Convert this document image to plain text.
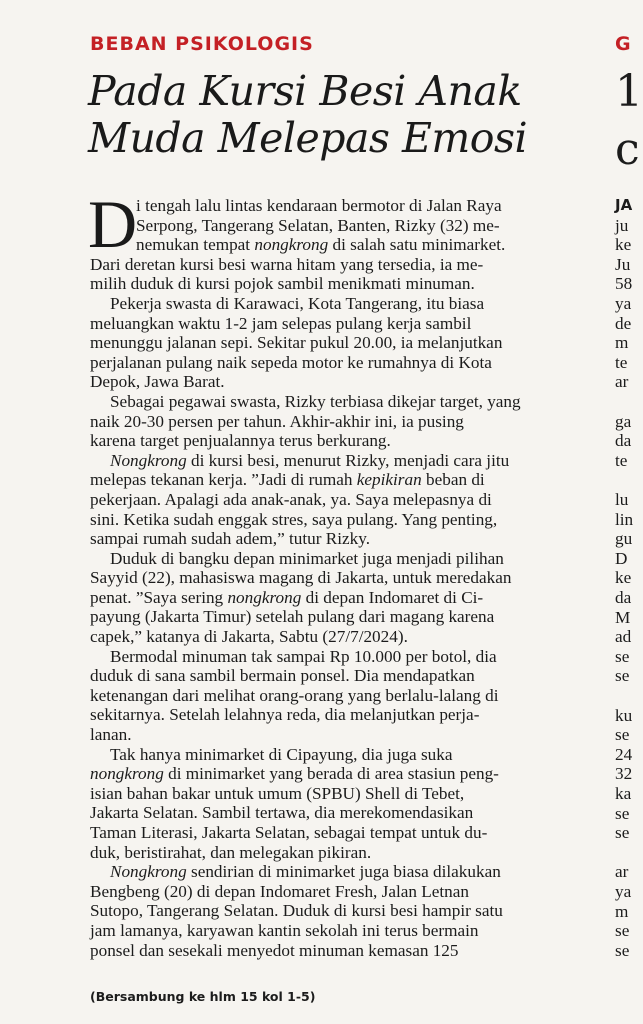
BEBAN PSIKOLOGIS
Pada Kursi Besi Anak
Muda Melepas Emosi
D
i tengah lalu lintas kendaraan bermotor di Jalan Raya
Serpong, Tangerang Selatan, Banten, Rizky (32) me-
nemukan tempat nongkrong di salah satu minimarket.
Dari deretan kursi besi warna hitam yang tersedia, ia me-
milih duduk di kursi pojok sambil menikmati minuman.
Pekerja swasta di Karawaci, Kota Tangerang, itu biasa
meluangkan waktu 1-2 jam selepas pulang kerja sambil
menunggu jalanan sepi. Sekitar pukul 20.00, ia melanjutkan
perjalanan pulang naik sepeda motor ke rumahnya di Kota
Depok, Jawa Barat.
Sebagai pegawai swasta, Rizky terbiasa dikejar target, yang
naik 20-30 persen per tahun. Akhir-akhir ini, ia pusing
karena target penjualannya terus berkurang.
Nongkrong di kursi besi, menurut Rizky, menjadi cara jitu
melepas tekanan kerja. ”Jadi di rumah kepikiran beban di
pekerjaan. Apalagi ada anak-anak, ya. Saya melepasnya di
sini. Ketika sudah enggak stres, saya pulang. Yang penting,
sampai rumah sudah adem,” tutur Rizky.
Duduk di bangku depan minimarket juga menjadi pilihan
Sayyid (22), mahasiswa magang di Jakarta, untuk meredakan
penat. ”Saya sering nongkrong di depan Indomaret di Ci-
payung (Jakarta Timur) setelah pulang dari magang karena
capek,” katanya di Jakarta, Sabtu (27/7/2024).
Bermodal minuman tak sampai Rp 10.000 per botol, dia
duduk di sana sambil bermain ponsel. Dia mendapatkan
ketenangan dari melihat orang-orang yang berlalu-lalang di
sekitarnya. Setelah lelahnya reda, dia melanjutkan perja-
lanan.
Tak hanya minimarket di Cipayung, dia juga suka
nongkrong di minimarket yang berada di area stasiun peng-
isian bahan bakar untuk umum (SPBU) Shell di Tebet,
Jakarta Selatan. Sambil tertawa, dia merekomendasikan
Taman Literasi, Jakarta Selatan, sebagai tempat untuk du-
duk, beristirahat, dan melegakan pikiran.
Nongkrong sendirian di minimarket juga biasa dilakukan
Bengbeng (20) di depan Indomaret Fresh, Jalan Letnan
Sutopo, Tangerang Selatan. Duduk di kursi besi hampir satu
jam lamanya, karyawan kantin sekolah ini terus bermain
ponsel dan sesekali menyedot minuman kemasan 125
(Bersambung ke hlm 15 kol 1-5)
G
1
c
JA
ju
ke
Ju
58
ya
de
m
te
ar
ga
da
te
lu
lin
gu
D
ke
da
M
ad
se
se
ku
se
24
32
ka
se
se
ar
ya
m
se
se
